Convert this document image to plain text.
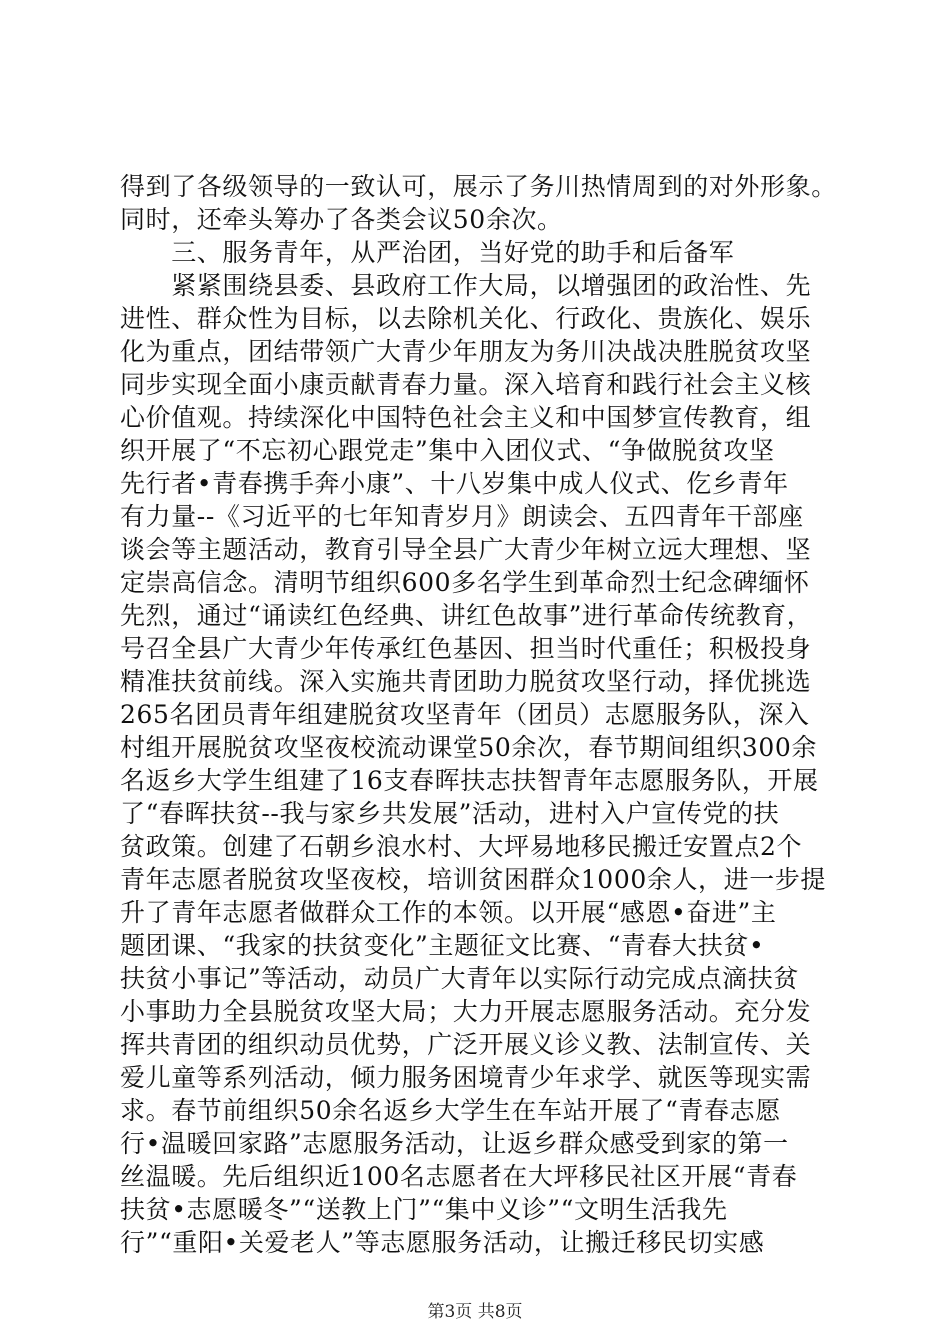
得到了各级领导的一致认可，展示了务川热情周到的对外形象。
同时，还牵头筹办了各类会议50余次。
　　三、服务青年，从严治团，当好党的助手和后备军
　　紧紧围绕县委、县政府工作大局，以增强团的政治性、先
进性、群众性为目标，以去除机关化、行政化、贵族化、娱乐
化为重点，团结带领广大青少年朋友为务川决战决胜脱贫攻坚
同步实现全面小康贡献青春力量。深入培育和践行社会主义核
心价值观。持续深化中国特色社会主义和中国梦宣传教育，组
织开展了“不忘初心跟党走”集中入团仪式、“争做脱贫攻坚
先行者•青春携手奔小康”、十八岁集中成人仪式、仡乡青年
有力量--《习近平的七年知青岁月》朗读会、五四青年干部座
谈会等主题活动，教育引导全县广大青少年树立远大理想、坚
定崇高信念。清明节组织600多名学生到革命烈士纪念碑缅怀
先烈，通过“诵读红色经典、讲红色故事”进行革命传统教育，
号召全县广大青少年传承红色基因、担当时代重任；积极投身
精准扶贫前线。深入实施共青团助力脱贫攻坚行动，择优挑选
265名团员青年组建脱贫攻坚青年（团员）志愿服务队，深入
村组开展脱贫攻坚夜校流动课堂50余次，春节期间组织300余
名返乡大学生组建了16支春晖扶志扶智青年志愿服务队，开展
了“春晖扶贫--我与家乡共发展”活动，进村入户宣传党的扶
贫政策。创建了石朝乡浪水村、大坪易地移民搬迁安置点2个
青年志愿者脱贫攻坚夜校，培训贫困群众1000余人，进一步提
升了青年志愿者做群众工作的本领。以开展“感恩•奋进”主
题团课、“我家的扶贫变化”主题征文比赛、“青春大扶贫•
扶贫小事记”等活动，动员广大青年以实际行动完成点滴扶贫
小事助力全县脱贫攻坚大局；大力开展志愿服务活动。充分发
挥共青团的组织动员优势，广泛开展义诊义教、法制宣传、关
爱儿童等系列活动，倾力服务困境青少年求学、就医等现实需
求。春节前组织50余名返乡大学生在车站开展了“青春志愿
行•温暖回家路”志愿服务活动，让返乡群众感受到家的第一
丝温暖。先后组织近100名志愿者在大坪移民社区开展“青春
扶贫•志愿暖冬”“送教上门”“集中义诊”“文明生活我先
行”“重阳•关爱老人”等志愿服务活动，让搬迁移民切实感
第3页 共8页
